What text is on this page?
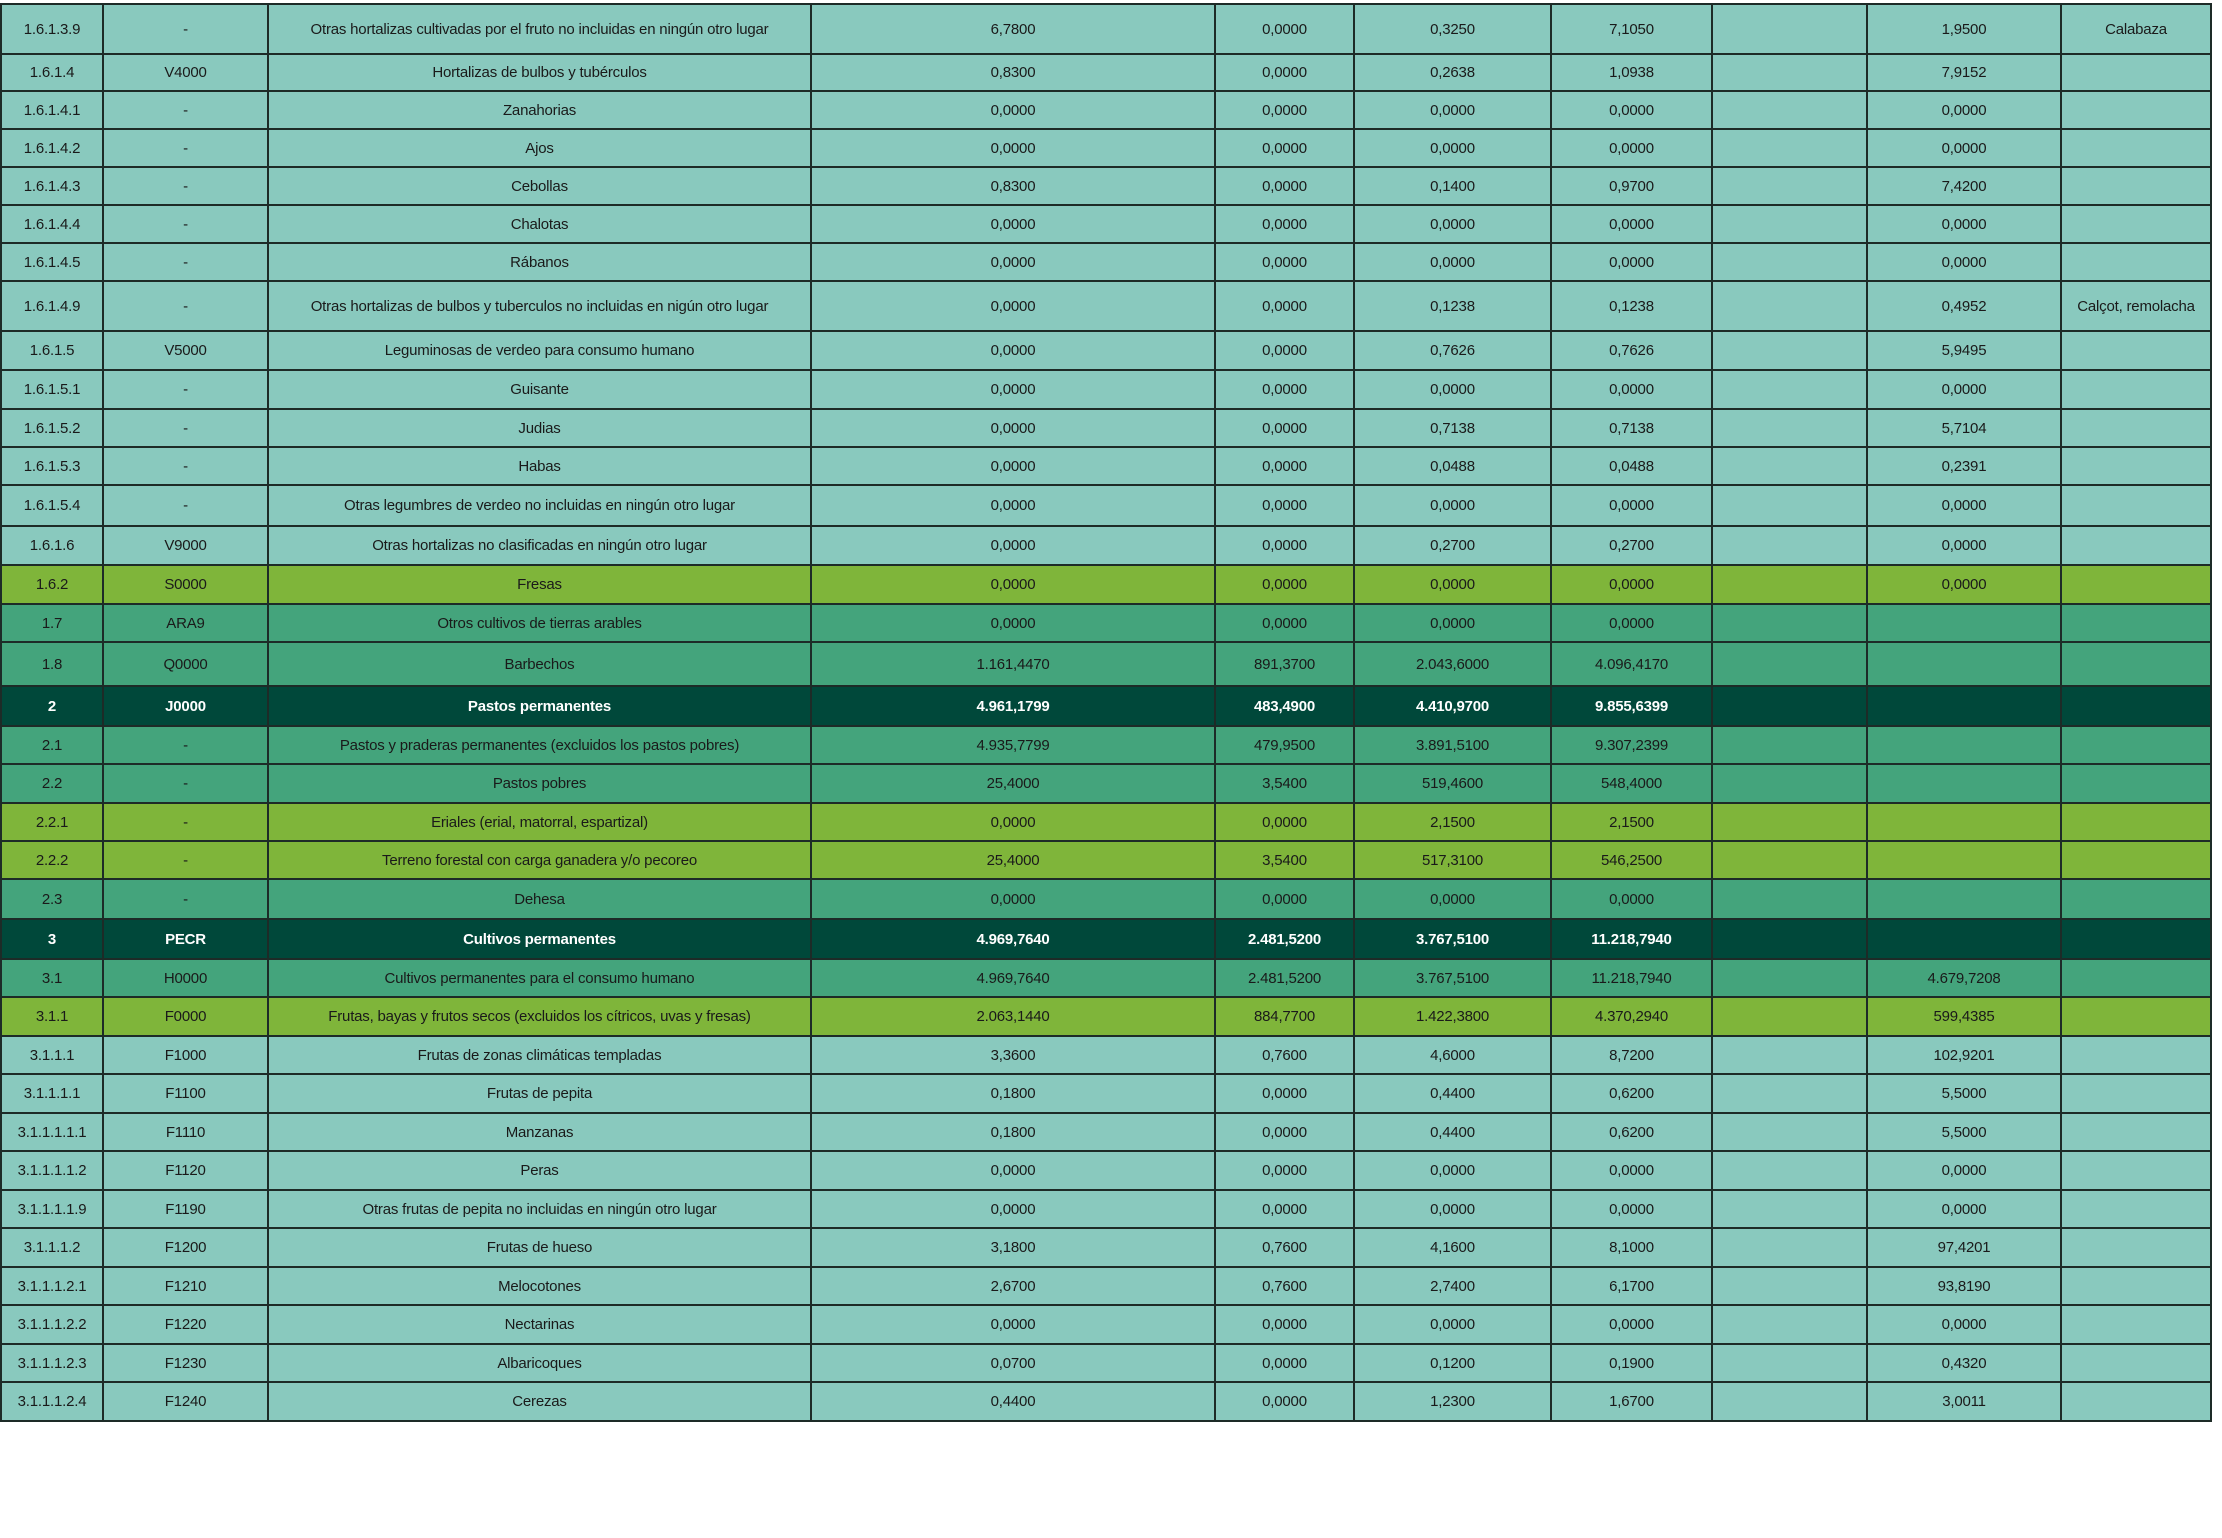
1.6.1.3.9	-	Otras hortalizas cultivadas por el fruto no incluidas en ningún otro lugar	6,7800	0,0000	0,3250	7,1050		1,9500	Calabaza
1.6.1.4	V4000	Hortalizas de bulbos y tubérculos	0,8300	0,0000	0,2638	1,0938		7,9152	
1.6.1.4.1	-	Zanahorias	0,0000	0,0000	0,0000	0,0000		0,0000	
1.6.1.4.2	-	Ajos	0,0000	0,0000	0,0000	0,0000		0,0000	
1.6.1.4.3	-	Cebollas	0,8300	0,0000	0,1400	0,9700		7,4200	
1.6.1.4.4	-	Chalotas	0,0000	0,0000	0,0000	0,0000		0,0000	
1.6.1.4.5	-	Rábanos	0,0000	0,0000	0,0000	0,0000		0,0000	
1.6.1.4.9	-	Otras hortalizas de bulbos y tuberculos no incluidas en nigún otro lugar	0,0000	0,0000	0,1238	0,1238		0,4952	Calçot, remolacha
1.6.1.5	V5000	Leguminosas de verdeo para consumo humano	0,0000	0,0000	0,7626	0,7626		5,9495	
1.6.1.5.1	-	Guisante	0,0000	0,0000	0,0000	0,0000		0,0000	
1.6.1.5.2	-	Judias	0,0000	0,0000	0,7138	0,7138		5,7104	
1.6.1.5.3	-	Habas	0,0000	0,0000	0,0488	0,0488		0,2391	
1.6.1.5.4	-	Otras legumbres de verdeo no incluidas en ningún otro lugar	0,0000	0,0000	0,0000	0,0000		0,0000	
1.6.1.6	V9000	Otras hortalizas no clasificadas en ningún otro lugar	0,0000	0,0000	0,2700	0,2700		0,0000	
1.6.2	S0000	Fresas	0,0000	0,0000	0,0000	0,0000		0,0000	
1.7	ARA9	Otros cultivos de tierras arables	0,0000	0,0000	0,0000	0,0000			
1.8	Q0000	Barbechos	1.161,4470	891,3700	2.043,6000	4.096,4170			
2	J0000	Pastos permanentes	4.961,1799	483,4900	4.410,9700	9.855,6399			
2.1	-	Pastos y praderas permanentes (excluidos los pastos pobres)	4.935,7799	479,9500	3.891,5100	9.307,2399			
2.2	-	Pastos pobres	25,4000	3,5400	519,4600	548,4000			
2.2.1	-	Eriales (erial, matorral, espartizal)	0,0000	0,0000	2,1500	2,1500			
2.2.2	-	Terreno forestal con carga ganadera y/o pecoreo	25,4000	3,5400	517,3100	546,2500			
2.3	-	Dehesa	0,0000	0,0000	0,0000	0,0000			
3	PECR	Cultivos permanentes	4.969,7640	2.481,5200	3.767,5100	11.218,7940			
3.1	H0000	Cultivos permanentes para el consumo humano	4.969,7640	2.481,5200	3.767,5100	11.218,7940		4.679,7208	
3.1.1	F0000	Frutas, bayas y frutos secos (excluidos los cítricos, uvas y fresas)	2.063,1440	884,7700	1.422,3800	4.370,2940		599,4385	
3.1.1.1	F1000	Frutas de zonas climáticas templadas	3,3600	0,7600	4,6000	8,7200		102,9201	
3.1.1.1.1	F1100	Frutas de pepita	0,1800	0,0000	0,4400	0,6200		5,5000	
3.1.1.1.1.1	F1110	Manzanas	0,1800	0,0000	0,4400	0,6200		5,5000	
3.1.1.1.1.2	F1120	Peras	0,0000	0,0000	0,0000	0,0000		0,0000	
3.1.1.1.1.9	F1190	Otras frutas de pepita no incluidas en ningún otro lugar	0,0000	0,0000	0,0000	0,0000		0,0000	
3.1.1.1.2	F1200	Frutas de hueso	3,1800	0,7600	4,1600	8,1000		97,4201	
3.1.1.1.2.1	F1210	Melocotones	2,6700	0,7600	2,7400	6,1700		93,8190	
3.1.1.1.2.2	F1220	Nectarinas	0,0000	0,0000	0,0000	0,0000		0,0000	
3.1.1.1.2.3	F1230	Albaricoques	0,0700	0,0000	0,1200	0,1900		0,4320	
3.1.1.1.2.4	F1240	Cerezas	0,4400	0,0000	1,2300	1,6700		3,0011	
